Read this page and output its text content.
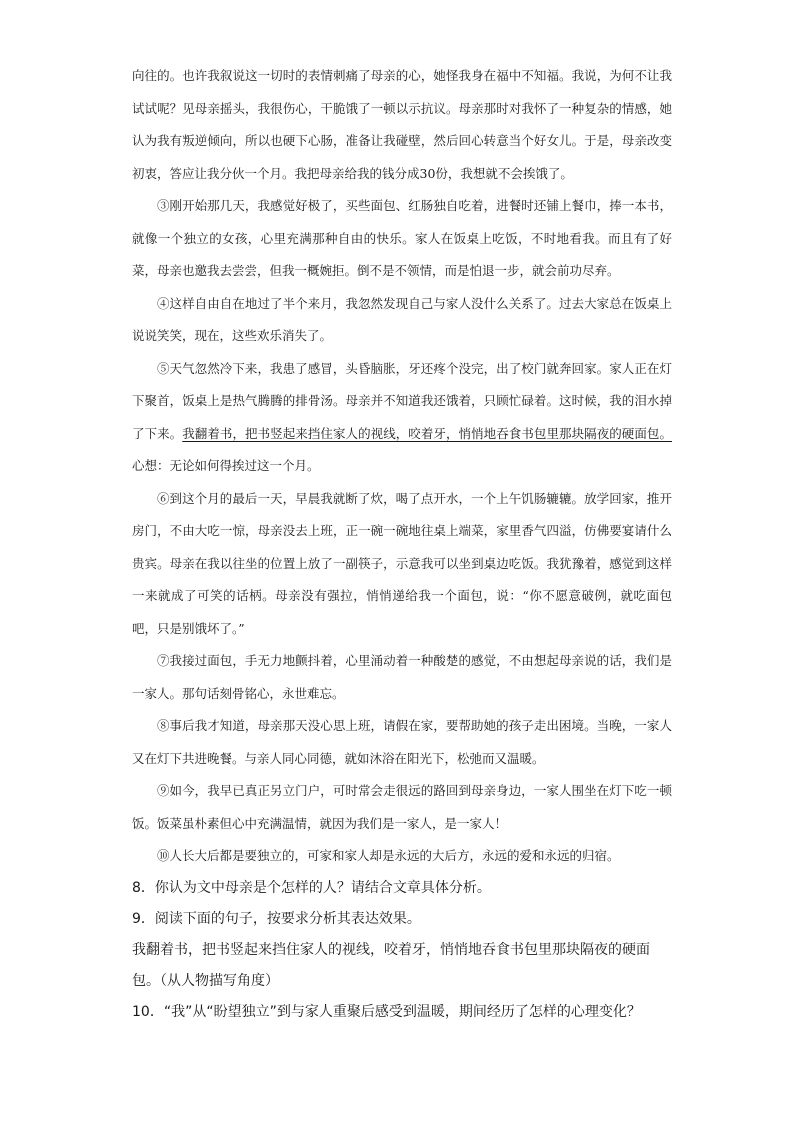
向往的。也许我叙说这一切时的表情刺痛了母亲的心，她怪我身在福中不知福。我说，为何不让我试试呢？见母亲摇头，我很伤心，干脆饿了一顿以示抗议。母亲那时对我怀了一种复杂的情感，她认为我有叛逆倾向，所以也硬下心肠，准备让我碰壁，然后回心转意当个好女儿。于是，母亲改变初衷，答应让我分伙一个月。我把母亲给我的钱分成30份，我想就不会挨饿了。

③刚开始那几天，我感觉好极了，买些面包、红肠独自吃着，进餐时还铺上餐巾，捧一本书，就像一个独立的女孩，心里充满那种自由的快乐。家人在饭桌上吃饭，不时地看我。而且有了好菜，母亲也邀我去尝尝，但我一概婉拒。倒不是不领情，而是怕退一步，就会前功尽弃。

④这样自由自在地过了半个来月，我忽然发现自己与家人没什么关系了。过去大家总在饭桌上说说笑笑，现在，这些欢乐消失了。

⑤天气忽然冷下来，我患了感冒，头昏脑胀，牙还疼个没完，出了校门就奔回家。家人正在灯下聚首，饭桌上是热气腾腾的排骨汤。母亲并不知道我还饿着，只顾忙碌着。这时候，我的泪水掉了下来。我翻着书，把书竖起来挡住家人的视线，咬着牙，悄悄地吞食书包里那块隔夜的硬面包。心想：无论如何得挨过这一个月。

⑥到这个月的最后一天，早晨我就断了炊，喝了点开水，一个上午饥肠辘辘。放学回家，推开房门，不由大吃一惊，母亲没去上班，正一碗一碗地往桌上端菜，家里香气四溢，仿佛要宴请什么贵宾。母亲在我以往坐的位置上放了一副筷子，示意我可以坐到桌边吃饭。我犹豫着，感觉到这样一来就成了可笑的话柄。母亲没有强拉，悄悄递给我一个面包，说：“你不愿意破例，就吃面包吧，只是别饿坏了。”

⑦我接过面包，手无力地颤抖着，心里涌动着一种酸楚的感觉，不由想起母亲说的话，我们是一家人。那句话刻骨铭心，永世难忘。

⑧事后我才知道，母亲那天没心思上班，请假在家，要帮助她的孩子走出困境。当晚，一家人又在灯下共进晚餐。与亲人同心同德，就如沐浴在阳光下，松弛而又温暖。

⑨如今，我早已真正另立门户，可时常会走很远的路回到母亲身边，一家人围坐在灯下吃一顿饭。饭菜虽朴素但心中充满温情，就因为我们是一家人，是一家人！

⑩人长大后都是要独立的，可家和家人却是永远的大后方，永远的爱和永远的归宿。

8．你认为文中母亲是个怎样的人？请结合文章具体分析。

9．阅读下面的句子，按要求分析其表达效果。

我翻着书，把书竖起来挡住家人的视线，咬着牙，悄悄地吞食书包里那块隔夜的硬面包。（从人物描写角度）

10．“我”从“盼望独立”到与家人重聚后感受到温暖，期间经历了怎样的心理变化？
